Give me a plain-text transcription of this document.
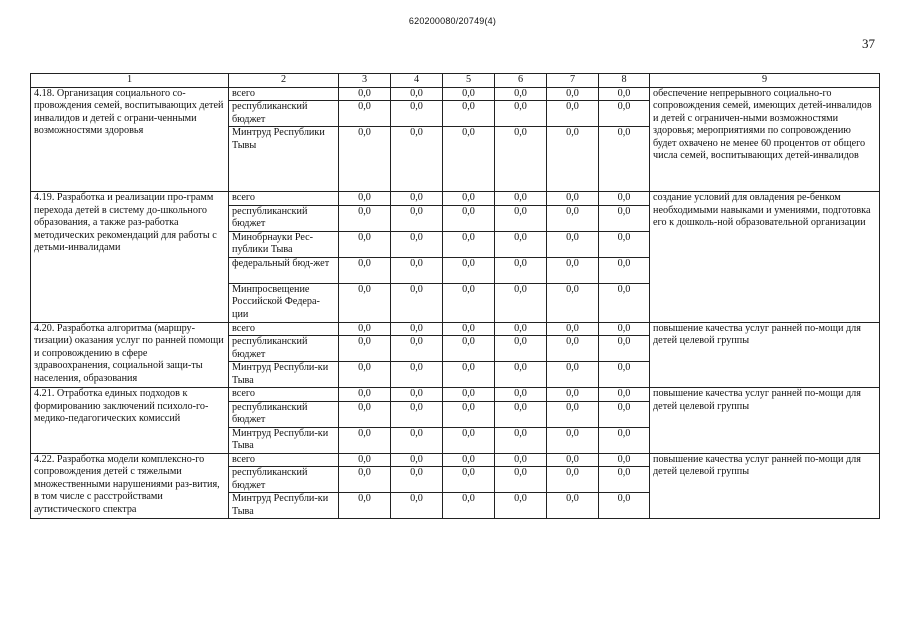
620200080/20749(4)
37
1	2	3	4	5	6	7	8	9
4.18. Организация социального со-провождения семей, воспитывающих детей инвалидов и детей с ограни-ченными возможностями здоровья	всего	0,0	0,0	0,0	0,0	0,0	0,0	обеспечение непрерывного социально-го сопровождения семей, имеющих детей-инвалидов и детей с ограничен-ными возможностями здоровья; мероприятиями по сопровождению будет охвачено не менее 60 процентов от общего числа семей, воспитывающих детей-инвалидов
	республиканский бюджет	0,0	0,0	0,0	0,0	0,0	0,0	
	Минтруд Республики Тывы	0,0	0,0	0,0	0,0	0,0	0,0	
4.19. Разработка и реализации про-грамм перехода детей в систему до-школьного образования, а также раз-работка методических рекомендаций для работы с детьми-инвалидами	всего	0,0	0,0	0,0	0,0	0,0	0,0	создание условий для овладения ре-бенком необходимыми навыками и умениями, подготовка его к дошколь-ной образовательной организации
	республиканский бюджет	0,0	0,0	0,0	0,0	0,0	0,0	
	Минобрнауки Рес-публики Тыва	0,0	0,0	0,0	0,0	0,0	0,0	
	федеральный бюд-жет	0,0	0,0	0,0	0,0	0,0	0,0	
	Минпросвещение Российской Федера-ции	0,0	0,0	0,0	0,0	0,0	0,0	
4.20. Разработка алгоритма (маршру-тизации) оказания услуг по ранней помощи и сопровождению в сфере здравоохранения, социальной защи-ты населения, образования	всего	0,0	0,0	0,0	0,0	0,0	0,0	повышение качества услуг ранней по-мощи для детей целевой группы
	республиканский бюджет	0,0	0,0	0,0	0,0	0,0	0,0	
	Минтруд Республи-ки Тыва	0,0	0,0	0,0	0,0	0,0	0,0	
4.21. Отработка единых подходов к формированию заключений психоло-го-медико-педагогических комиссий	всего	0,0	0,0	0,0	0,0	0,0	0,0	повышение качества услуг ранней по-мощи для детей целевой группы
	республиканский бюджет	0,0	0,0	0,0	0,0	0,0	0,0	
	Минтруд Республи-ки Тыва	0,0	0,0	0,0	0,0	0,0	0,0	
4.22. Разработка модели комплексно-го сопровождения детей с тяжелыми множественными нарушениями раз-вития, в том числе с расстройствами аутистического спектра	всего	0,0	0,0	0,0	0,0	0,0	0,0	повышение качества услуг ранней по-мощи для детей целевой группы
	республиканский бюджет	0,0	0,0	0,0	0,0	0,0	0,0	
	Минтруд Республи-ки Тыва	0,0	0,0	0,0	0,0	0,0	0,0	
